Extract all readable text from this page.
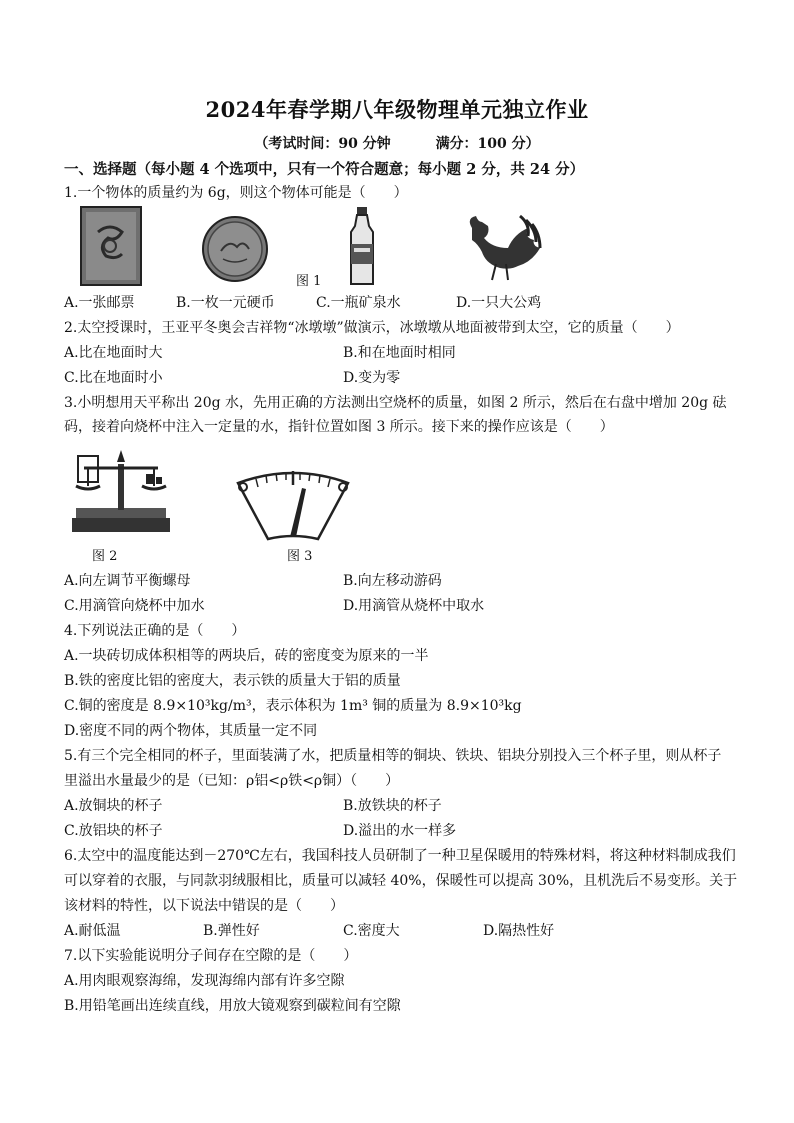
2024年春学期八年级物理单元独立作业
（考试时间：90 分钟	满分：100 分）
一、选择题（每小题 4 个选项中，只有一个符合题意；每小题 2 分，共 24 分）
1.一个物体的质量约为 6g，则这个物体可能是（　　）
图 1
A.一张邮票	B.一枚一元硬币	C.一瓶矿泉水	D.一只大公鸡
2.太空授课时，王亚平冬奥会吉祥物“冰墩墩”做演示，冰墩墩从地面被带到太空，它的质量（　　）
A.比在地面时大	B.和在地面时相同
C.比在地面时小	D.变为零
3.小明想用天平称出 20g 水，先用正确的方法测出空烧杯的质量，如图 2 所示，然后在右盘中增加 20g 砝
码，接着向烧杯中注入一定量的水，指针位置如图 3 所示。接下来的操作应该是（　　）
图 2	图 3
A.向左调节平衡螺母	B.向左移动游码
C.用滴管向烧杯中加水	D.用滴管从烧杯中取水
4.下列说法正确的是（　　）
A.一块砖切成体积相等的两块后，砖的密度变为原来的一半
B.铁的密度比铝的密度大，表示铁的质量大于铝的质量
C.铜的密度是 8.9×10³kg/m³，表示体积为 1m³ 铜的质量为 8.9×10³kg
D.密度不同的两个物体，其质量一定不同
5.有三个完全相同的杯子，里面装满了水，把质量相等的铜块、铁块、铝块分别投入三个杯子里，则从杯子
里溢出水量最少的是（已知：ρ铝<ρ铁<ρ铜）（　　）
A.放铜块的杯子	B.放铁块的杯子
C.放铝块的杯子	D.溢出的水一样多
6.太空中的温度能达到－270℃左右，我国科技人员研制了一种卫星保暖用的特殊材料，将这种材料制成我们
可以穿着的衣服，与同款羽绒服相比，质量可以减轻 40%，保暖性可以提高 30%，且机洗后不易变形。关于
该材料的特性，以下说法中错误的是（　　）
A.耐低温	B.弹性好	C.密度大	D.隔热性好
7.以下实验能说明分子间存在空隙的是（　　）
A.用肉眼观察海绵，发现海绵内部有许多空隙
B.用铅笔画出连续直线，用放大镜观察到碳粒间有空隙
